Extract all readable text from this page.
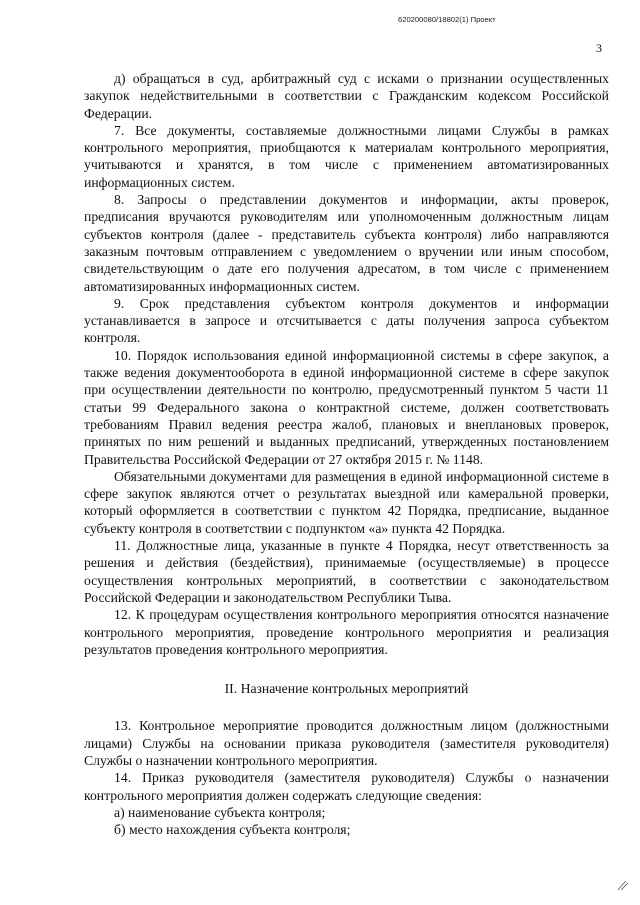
620200080/18802(1) Проект
3

д) обращаться в суд, арбитражный суд с исками о признании осуществленных закупок недействительными в соответствии с Гражданским кодексом Российской Федерации.

7. Все документы, составляемые должностными лицами Службы в рамках контрольного мероприятия, приобщаются к материалам контрольного мероприятия, учитываются и хранятся, в том числе с применением автоматизированных информационных систем.

8. Запросы о представлении документов и информации, акты проверок, предписания вручаются руководителям или уполномоченным должностным лицам субъектов контроля (далее - представитель субъекта контроля) либо направляются заказным почтовым отправлением с уведомлением о вручении или иным способом, свидетельствующим о дате его получения адресатом, в том числе с применением автоматизированных информационных систем.

9. Срок представления субъектом контроля документов и информации устанавливается в запросе и отсчитывается с даты получения запроса субъектом контроля.

10. Порядок использования единой информационной системы в сфере закупок, а также ведения документооборота в единой информационной системе в сфере закупок при осуществлении деятельности по контролю, предусмотренный пунктом 5 части 11 статьи 99 Федерального закона о контрактной системе, должен соответствовать требованиям Правил ведения реестра жалоб, плановых и внеплановых проверок, принятых по ним решений и выданных предписаний, утвержденных постановлением Правительства Российской Федерации от 27 октября 2015 г. № 1148.

Обязательными документами для размещения в единой информационной системе в сфере закупок являются отчет о результатах выездной или камеральной проверки, который оформляется в соответствии с пунктом 42 Порядка, предписание, выданное субъекту контроля в соответствии с подпунктом «а» пункта 42 Порядка.

11. Должностные лица, указанные в пункте 4 Порядка, несут ответственность за решения и действия (бездействия), принимаемые (осуществляемые) в процессе осуществления контрольных мероприятий, в соответствии с законодательством Российской Федерации и законодательством Республики Тыва.

12. К процедурам осуществления контрольного мероприятия относятся назначение контрольного мероприятия, проведение контрольного мероприятия и реализация результатов проведения контрольного мероприятия.

II. Назначение контрольных мероприятий

13. Контрольное мероприятие проводится должностным лицом (должностными лицами) Службы на основании приказа руководителя (заместителя руководителя) Службы о назначении контрольного мероприятия.

14. Приказ руководителя (заместителя руководителя) Службы о назначении контрольного мероприятия должен содержать следующие сведения:

а) наименование субъекта контроля;

б) место нахождения субъекта контроля;
